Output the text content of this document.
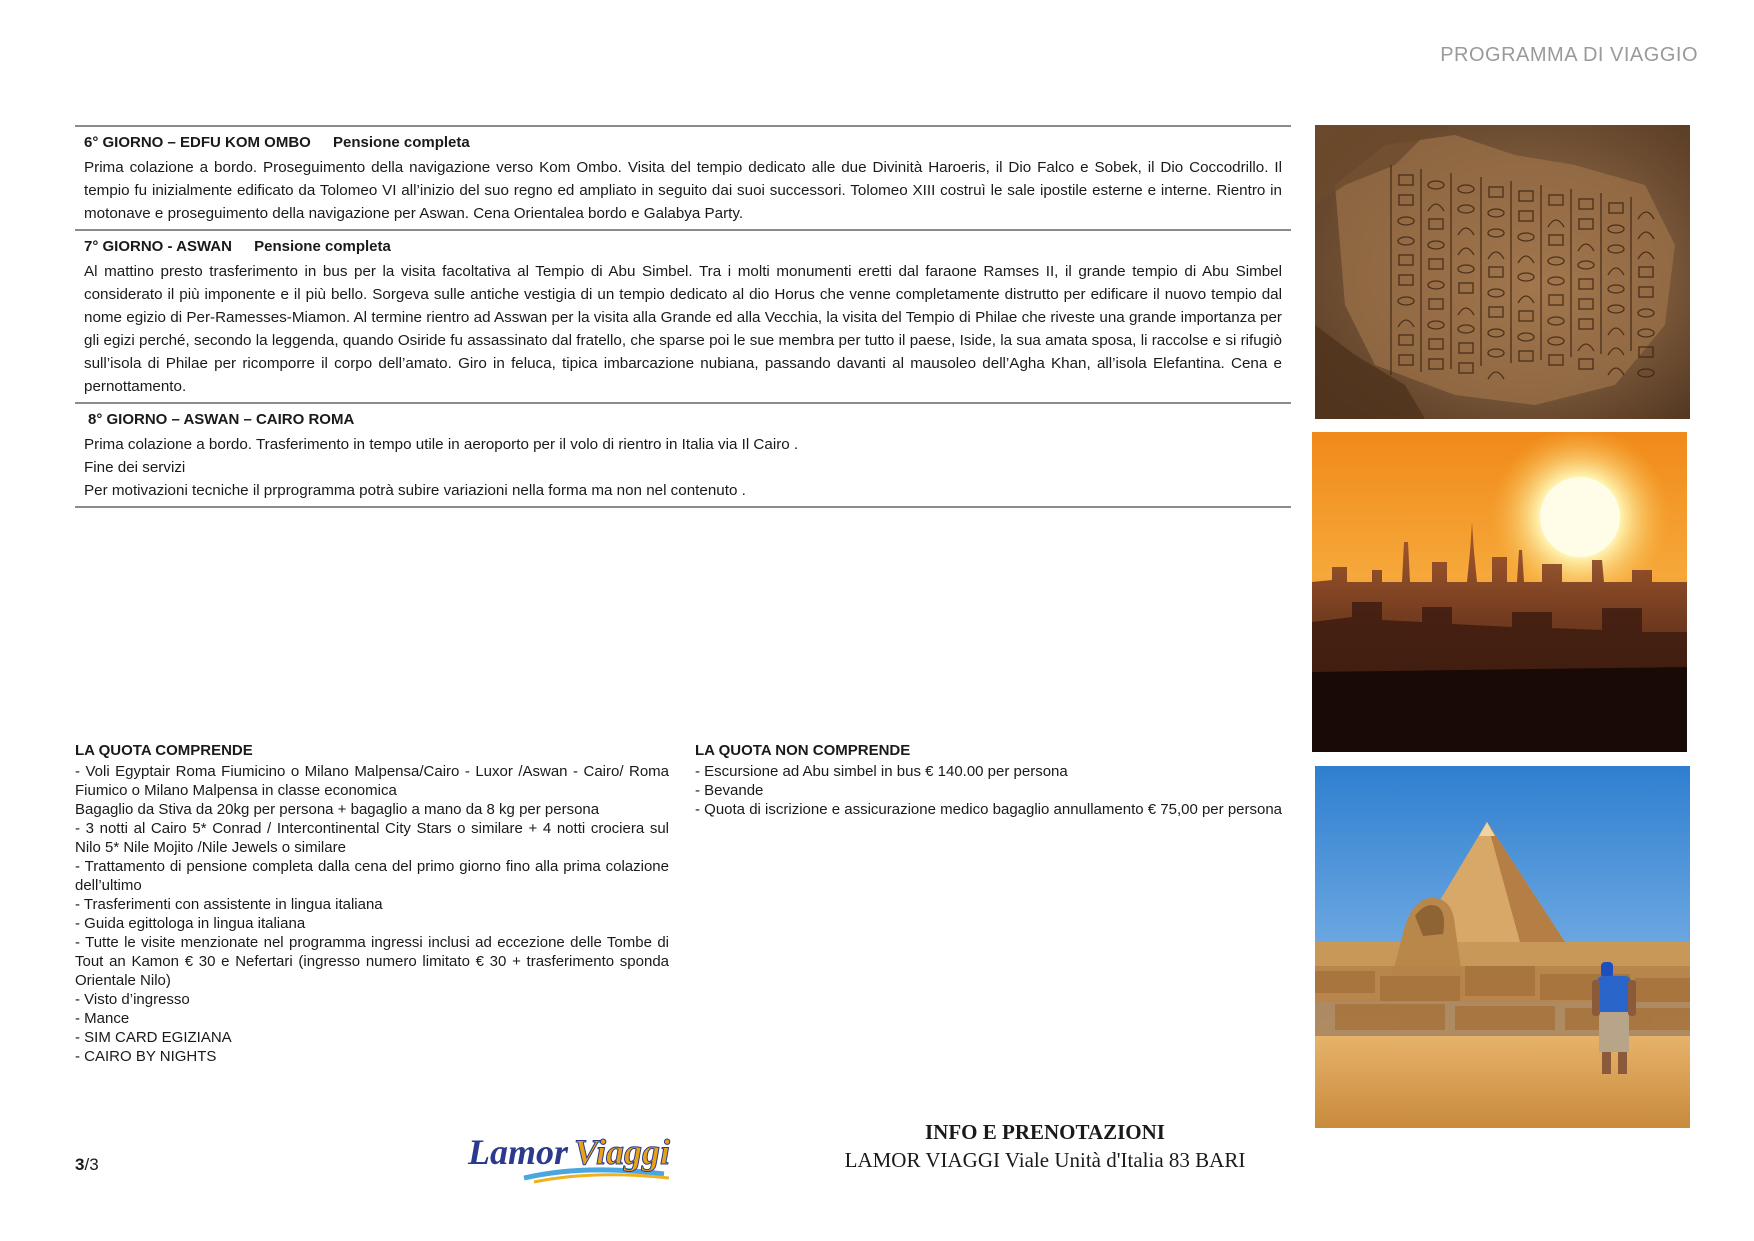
PROGRAMMA DI VIAGGIO
6° GIORNO – EDFU KOM OMBO Pensione completa

Prima colazione a bordo. Proseguimento della navigazione verso Kom Ombo. Visita del tempio dedicato alle due Divinità Haroeris, il Dio Falco e Sobek, il Dio Coccodrillo. Il tempio fu inizialmente edificato da Tolomeo VI all’inizio del suo regno ed ampliato in seguito dai suoi successori. Tolomeo XIII costruì le sale ipostile esterne e interne. Rientro in motonave e proseguimento della navigazione per Aswan. Cena Orientalea bordo e Galabya Party.

7° GIORNO - ASWAN Pensione completa

Al mattino presto trasferimento in bus per la visita facoltativa al Tempio di Abu Simbel. Tra i molti monumenti eretti dal faraone Ramses II, il grande tempio di Abu Simbel considerato il più imponente e il più bello. Sorgeva sulle antiche vestigia di un tempio dedicato al dio Horus che venne completamente distrutto per edificare il nuovo tempio dal nome egizio di Per-Ramesses-Miamon. Al termine rientro ad Asswan per la visita alla Grande ed alla Vecchia, la visita del Tempio di Philae che riveste una grande importanza per gli egizi perché, secondo la leggenda, quando Osiride fu assassinato dal fratello, che sparse poi le sue membra per tutto il paese, Iside, la sua amata sposa, li raccolse e si rifugiò sull’isola di Philae per ricomporre il corpo dell’amato. Giro in feluca, tipica imbarcazione nubiana, passando davanti al mausoleo dell’Agha Khan, all’isola Elefantina. Cena e pernottamento.

8° GIORNO – ASWAN – CAIRO ROMA

Prima colazione a bordo. Trasferimento in tempo utile in aeroporto per il volo di rientro in Italia via Il Cairo .

Fine dei servizi

Per motivazioni tecniche il prprogramma potrà subire variazioni nella forma ma non nel contenuto .

LA QUOTA COMPRENDE
- Voli Egyptair Roma Fiumicino o Milano Malpensa/Cairo - Luxor /Aswan - Cairo/ Roma Fiumico o Milano Malpensa in classe economica
Bagaglio da Stiva da 20kg per persona + bagaglio a mano da 8 kg per persona
- 3 notti al Cairo 5* Conrad / Intercontinental City Stars o similare + 4 notti crociera sul Nilo 5* Nile Mojito /Nile Jewels o similare
- Trattamento di pensione completa dalla cena del primo giorno fino alla prima colazione dell’ultimo
- Trasferimenti con assistente in lingua italiana
- Guida egittologa in lingua italiana
- Tutte le visite menzionate nel programma ingressi inclusi ad eccezione delle Tombe di Tout an Kamon € 30 e Nefertari (ingresso numero limitato € 30 + trasferimento sponda Orientale Nilo)
- Visto d’ingresso
- Mance
- SIM CARD EGIZIANA
- CAIRO BY NIGHTS
LA QUOTA NON COMPRENDE
- Escursione ad Abu simbel in bus € 140.00 per persona
- Bevande
- Quota di iscrizione e assicurazione medico bagaglio annullamento € 75,00 per persona
3/3	Lamor Viaggi	INFO E PRENOTAZIONI
LAMOR VIAGGI Viale Unità d'Italia 83 BARI
